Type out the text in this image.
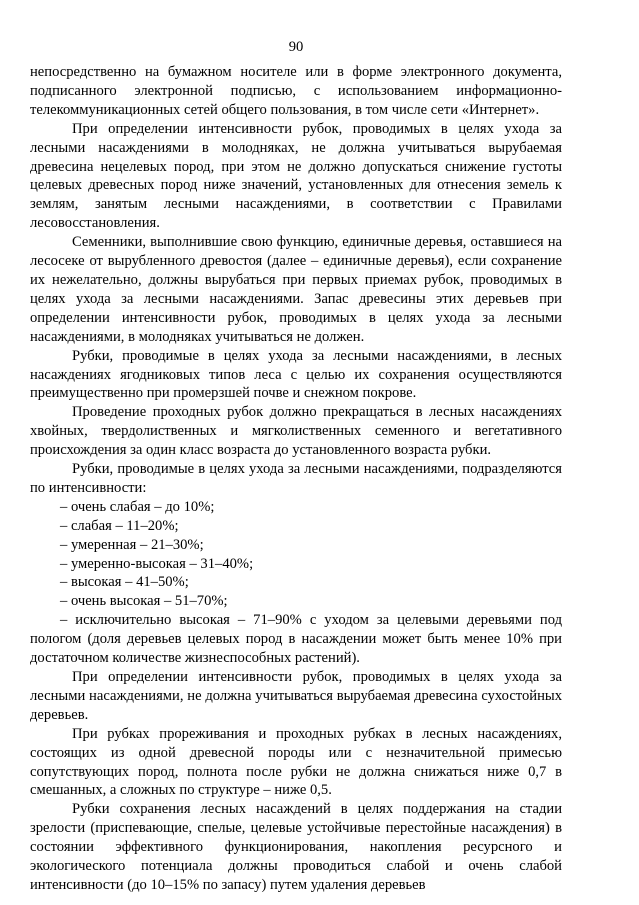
90

непосредственно на бумажном носителе или в форме электронного документа, подписанного электронной подписью, с использованием информационно-телекоммуникационных сетей общего пользования, в том числе сети «Интернет».

При определении интенсивности рубок, проводимых в целях ухода за лесными насаждениями в молодняках, не должна учитываться вырубаемая древесина нецелевых пород, при этом не должно допускаться снижение густоты целевых древесных пород ниже значений, установленных для отнесения земель к землям, занятым лесными насаждениями, в соответствии с Правилами лесовосстановления.

Семенники, выполнившие свою функцию, единичные деревья, оставшиеся на лесосеке от вырубленного древостоя (далее – единичные деревья), если сохранение их нежелательно, должны вырубаться при первых приемах рубок, проводимых в целях ухода за лесными насаждениями. Запас древесины этих деревьев при определении интенсивности рубок, проводимых в целях ухода за лесными насаждениями, в молодняках учитываться не должен.

Рубки, проводимые в целях ухода за лесными насаждениями, в лесных насаждениях ягодниковых типов леса с целью их сохранения осуществляются преимущественно при промерзшей почве и снежном покрове.

Проведение проходных рубок должно прекращаться в лесных насаждениях хвойных, твердолиственных и мягколиственных семенного и вегетативного происхождения за один класс возраста до установленного возраста рубки.

Рубки, проводимые в целях ухода за лесными насаждениями, подразделяются по интенсивности:

– очень слабая – до 10%;
– слабая – 11–20%;
– умеренная – 21–30%;
– умеренно-высокая – 31–40%;
– высокая – 41–50%;
– очень высокая – 51–70%;
– исключительно высокая – 71–90% с уходом за целевыми деревьями под пологом (доля деревьев целевых пород в насаждении может быть менее 10% при достаточном количестве жизнеспособных растений).

При определении интенсивности рубок, проводимых в целях ухода за лесными насаждениями, не должна учитываться вырубаемая древесина сухостойных деревьев.

При рубках прореживания и проходных рубках в лесных насаждениях, состоящих из одной древесной породы или с незначительной примесью сопутствующих пород, полнота после рубки не должна снижаться ниже 0,7 в смешанных, а сложных по структуре – ниже 0,5.

Рубки сохранения лесных насаждений в целях поддержания на стадии зрелости (приспевающие, спелые, целевые устойчивые перестойные насаждения) в состоянии эффективного функционирования, накопления ресурсного и экологического потенциала должны проводиться слабой и очень слабой интенсивности (до 10–15% по запасу) путем удаления деревьев
